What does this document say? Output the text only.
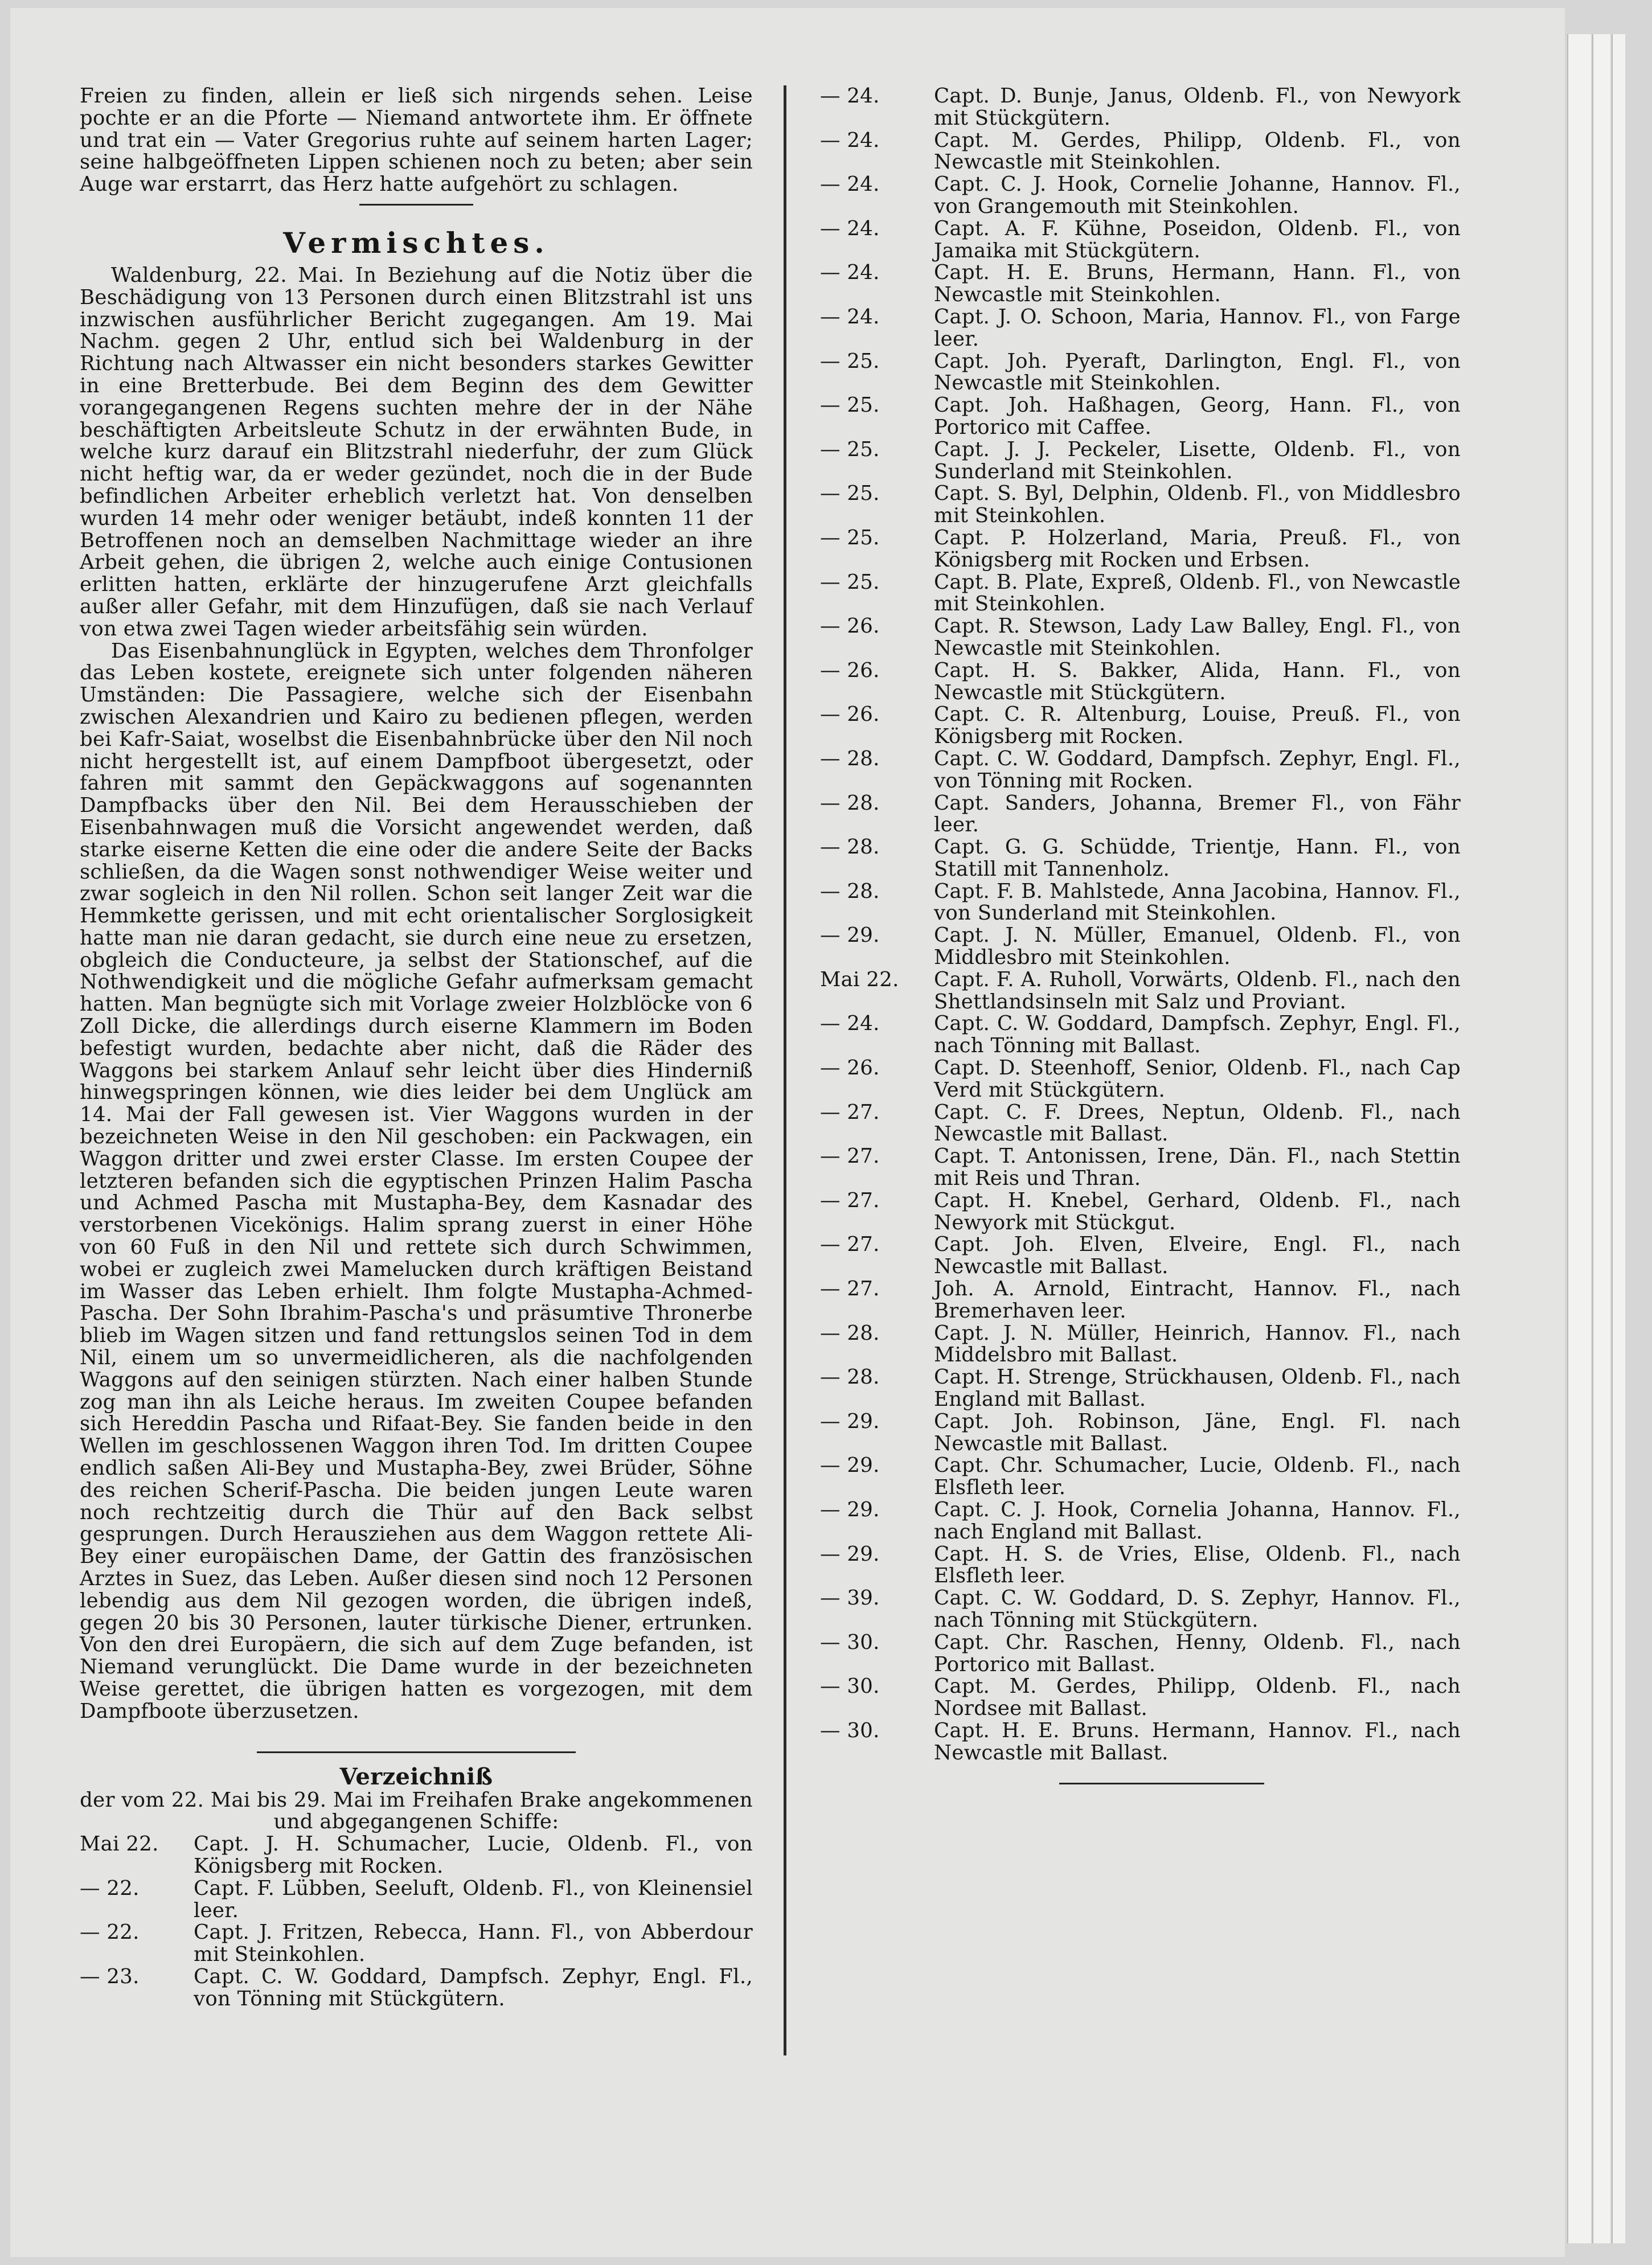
Freien zu finden, allein er ließ sich nirgends sehen. Leise pochte er an die Pforte — Niemand antwortete ihm. Er öffnete und trat ein — Vater Gregorius ruhte auf seinem harten Lager; seine halbgeöffneten Lippen schienen noch zu beten; aber sein Auge war erstarrt, das Herz hatte aufgehört zu schlagen.

Vermischtes.

Waldenburg, 22. Mai. In Beziehung auf die Notiz über die Beschädigung von 13 Personen durch einen Blitzstrahl ist uns inzwischen ausführlicher Bericht zugegangen. Am 19. Mai Nachm. gegen 2 Uhr, entlud sich bei Waldenburg in der Richtung nach Altwasser ein nicht besonders starkes Gewitter in eine Bretterbude. Bei dem Beginn des dem Gewitter vorangegangenen Regens suchten mehre der in der Nähe beschäftigten Arbeitsleute Schutz in der erwähnten Bude, in welche kurz darauf ein Blitzstrahl niederfuhr, der zum Glück nicht heftig war, da er weder gezündet, noch die in der Bude befindlichen Arbeiter erheblich verletzt hat. Von denselben wurden 14 mehr oder weniger betäubt, indeß konnten 11 der Betroffenen noch an demselben Nachmittage wieder an ihre Arbeit gehen, die übrigen 2, welche auch einige Contusionen erlitten hatten, erklärte der hinzugerufene Arzt gleichfalls außer aller Gefahr, mit dem Hinzufügen, daß sie nach Verlauf von etwa zwei Tagen wieder arbeitsfähig sein würden.

Das Eisenbahnunglück in Egypten, welches dem Thronfolger das Leben kostete, ereignete sich unter folgenden näheren Umständen: Die Passagiere, welche sich der Eisenbahn zwischen Alexandrien und Kairo zu bedienen pflegen, werden bei Kafr-Saiat, woselbst die Eisenbahnbrücke über den Nil noch nicht hergestellt ist, auf einem Dampfboot übergesetzt, oder fahren mit sammt den Gepäckwaggons auf sogenannten Dampfbacks über den Nil. Bei dem Herausschieben der Eisenbahnwagen muß die Vorsicht angewendet werden, daß starke eiserne Ketten die eine oder die andere Seite der Backs schließen, da die Wagen sonst nothwendiger Weise weiter und zwar sogleich in den Nil rollen. Schon seit langer Zeit war die Hemmkette gerissen, und mit echt orientalischer Sorglosigkeit hatte man nie daran gedacht, sie durch eine neue zu ersetzen, obgleich die Conducteure, ja selbst der Stationschef, auf die Nothwendigkeit und die mögliche Gefahr aufmerksam gemacht hatten. Man begnügte sich mit Vorlage zweier Holzblöcke von 6 Zoll Dicke, die allerdings durch eiserne Klammern im Boden befestigt wurden, bedachte aber nicht, daß die Räder des Waggons bei starkem Anlauf sehr leicht über dies Hinderniß hinwegspringen können, wie dies leider bei dem Unglück am 14. Mai der Fall gewesen ist. Vier Waggons wurden in der bezeichneten Weise in den Nil geschoben: ein Packwagen, ein Waggon dritter und zwei erster Classe. Im ersten Coupee der letzteren befanden sich die egyptischen Prinzen Halim Pascha und Achmed Pascha mit Mustapha-Bey, dem Kasnadar des verstorbenen Vicekönigs. Halim sprang zuerst in einer Höhe von 60 Fuß in den Nil und rettete sich durch Schwimmen, wobei er zugleich zwei Mamelucken durch kräftigen Beistand im Wasser das Leben erhielt. Ihm folgte Mustapha-Achmed-Pascha. Der Sohn Ibrahim-Pascha's und präsumtive Thronerbe blieb im Wagen sitzen und fand rettungslos seinen Tod in dem Nil, einem um so unvermeidlicheren, als die nachfolgenden Waggons auf den seinigen stürzten. Nach einer halben Stunde zog man ihn als Leiche heraus. Im zweiten Coupee befanden sich Hereddin Pascha und Rifaat-Bey. Sie fanden beide in den Wellen im geschlossenen Waggon ihren Tod. Im dritten Coupee endlich saßen Ali-Bey und Mustapha-Bey, zwei Brüder, Söhne des reichen Scherif-Pascha. Die beiden jungen Leute waren noch rechtzeitig durch die Thür auf den Back selbst gesprungen. Durch Herausziehen aus dem Waggon rettete Ali-Bey einer europäischen Dame, der Gattin des französischen Arztes in Suez, das Leben. Außer diesen sind noch 12 Personen lebendig aus dem Nil gezogen worden, die übrigen indeß, gegen 20 bis 30 Personen, lauter türkische Diener, ertrunken. Von den drei Europäern, die sich auf dem Zuge befanden, ist Niemand verunglückt. Die Dame wurde in der bezeichneten Weise gerettet, die übrigen hatten es vorgezogen, mit dem Dampfboote überzusetzen.

Verzeichniß

der vom 22. Mai bis 29. Mai im Freihafen Brake angekommenen und abgegangenen Schiffe:

Mai 22. Capt. J. H. Schumacher, Lucie, Oldenb. Fl., von Königsberg mit Rocken.

— 22.	Capt. F. Lübben, Seeluft, Oldenb. Fl., von Kleinensiel leer.

— 22.	Capt. J. Fritzen, Rebecca, Hann. Fl., von Abberdour mit Steinkohlen.

— 23.	Capt. C. W. Goddard, Dampfsch. Zephyr, Engl. Fl., von Tönning mit Stückgütern.

— 24.	Capt. D. Bunje, Janus, Oldenb. Fl., von Newyork mit Stückgütern.

— 24.	Capt. M. Gerdes, Philipp, Oldenb. Fl., von Newcastle mit Steinkohlen.

— 24.	Capt. C. J. Hook, Cornelie Johanne, Hannov. Fl., von Grangemouth mit Steinkohlen.

— 24.	Capt. A. F. Kühne, Poseidon, Oldenb. Fl., von Jamaika mit Stückgütern.

— 24.	Capt. H. E. Bruns, Hermann, Hann. Fl., von Newcastle mit Steinkohlen.

— 24.	Capt. J. O. Schoon, Maria, Hannov. Fl., von Farge leer.

— 25.	Capt. Joh. Pyeraft, Darlington, Engl. Fl., von Newcastle mit Steinkohlen.

— 25.	Capt. Joh. Haßhagen, Georg, Hann. Fl., von Portorico mit Caffee.

— 25.	Capt. J. J. Peckeler, Lisette, Oldenb. Fl., von Sunderland mit Steinkohlen.

— 25.	Capt. S. Byl, Delphin, Oldenb. Fl., von Middlesbro mit Steinkohlen.

— 25.	Capt. P. Holzerland, Maria, Preuß. Fl., von Königsberg mit Rocken und Erbsen.

— 25.	Capt. B. Plate, Expreß, Oldenb. Fl., von Newcastle mit Steinkohlen.

— 26.	Capt. R. Stewson, Lady Law Balley, Engl. Fl., von Newcastle mit Steinkohlen.

— 26.	Capt. H. S. Bakker, Alida, Hann. Fl., von Newcastle mit Stückgütern.

— 26.	Capt. C. R. Altenburg, Louise, Preuß. Fl., von Königsberg mit Rocken.

— 28.	Capt. C. W. Goddard, Dampfsch. Zephyr, Engl. Fl., von Tönning mit Rocken.

— 28.	Capt. Sanders, Johanna, Bremer Fl., von Fähr leer.

— 28.	Capt. G. G. Schüdde, Trientje, Hann. Fl., von Statill mit Tannenholz.

— 28.	Capt. F. B. Mahlstede, Anna Jacobina, Hannov. Fl., von Sunderland mit Steinkohlen.

— 29.	Capt. J. N. Müller, Emanuel, Oldenb. Fl., von Middlesbro mit Steinkohlen.

Mai 22. Capt. F. A. Ruholl, Vorwärts, Oldenb. Fl., nach den Shettlandsinseln mit Salz und Proviant.

— 24.	Capt. C. W. Goddard, Dampfsch. Zephyr, Engl. Fl., nach Tönning mit Ballast.

— 26.	Capt. D. Steenhoff, Senior, Oldenb. Fl., nach Cap Verd mit Stückgütern.

— 27.	Capt. C. F. Drees, Neptun, Oldenb. Fl., nach Newcastle mit Ballast.

— 27.	Capt. T. Antonissen, Irene, Dän. Fl., nach Stettin mit Reis und Thran.

— 27.	Capt. H. Knebel, Gerhard, Oldenb. Fl., nach Newyork mit Stückgut.

— 27.	Capt. Joh. Elven, Elveire, Engl. Fl., nach Newcastle mit Ballast.

— 27.	Joh. A. Arnold, Eintracht, Hannov. Fl., nach Bremerhaven leer.

— 28.	Capt. J. N. Müller, Heinrich, Hannov. Fl., nach Middelsbro mit Ballast.

— 28.	Capt. H. Strenge, Strückhausen, Oldenb. Fl., nach England mit Ballast.

— 29.	Capt. Joh. Robinson, Jäne, Engl. Fl. nach Newcastle mit Ballast.

— 29.	Capt. Chr. Schumacher, Lucie, Oldenb. Fl., nach Elsfleth leer.

— 29.	Capt. C. J. Hook, Cornelia Johanna, Hannov. Fl., nach England mit Ballast.

— 29.	Capt. H. S. de Vries, Elise, Oldenb. Fl., nach Elsfleth leer.

— 39.	Capt. C. W. Goddard, D. S. Zephyr, Hannov. Fl., nach Tönning mit Stückgütern.

— 30.	Capt. Chr. Raschen, Henny, Oldenb. Fl., nach Portorico mit Ballast.

— 30.	Capt. M. Gerdes, Philipp, Oldenb. Fl., nach Nordsee mit Ballast.

— 30.	Capt. H. E. Bruns. Hermann, Hannov. Fl., nach Newcastle mit Ballast.
